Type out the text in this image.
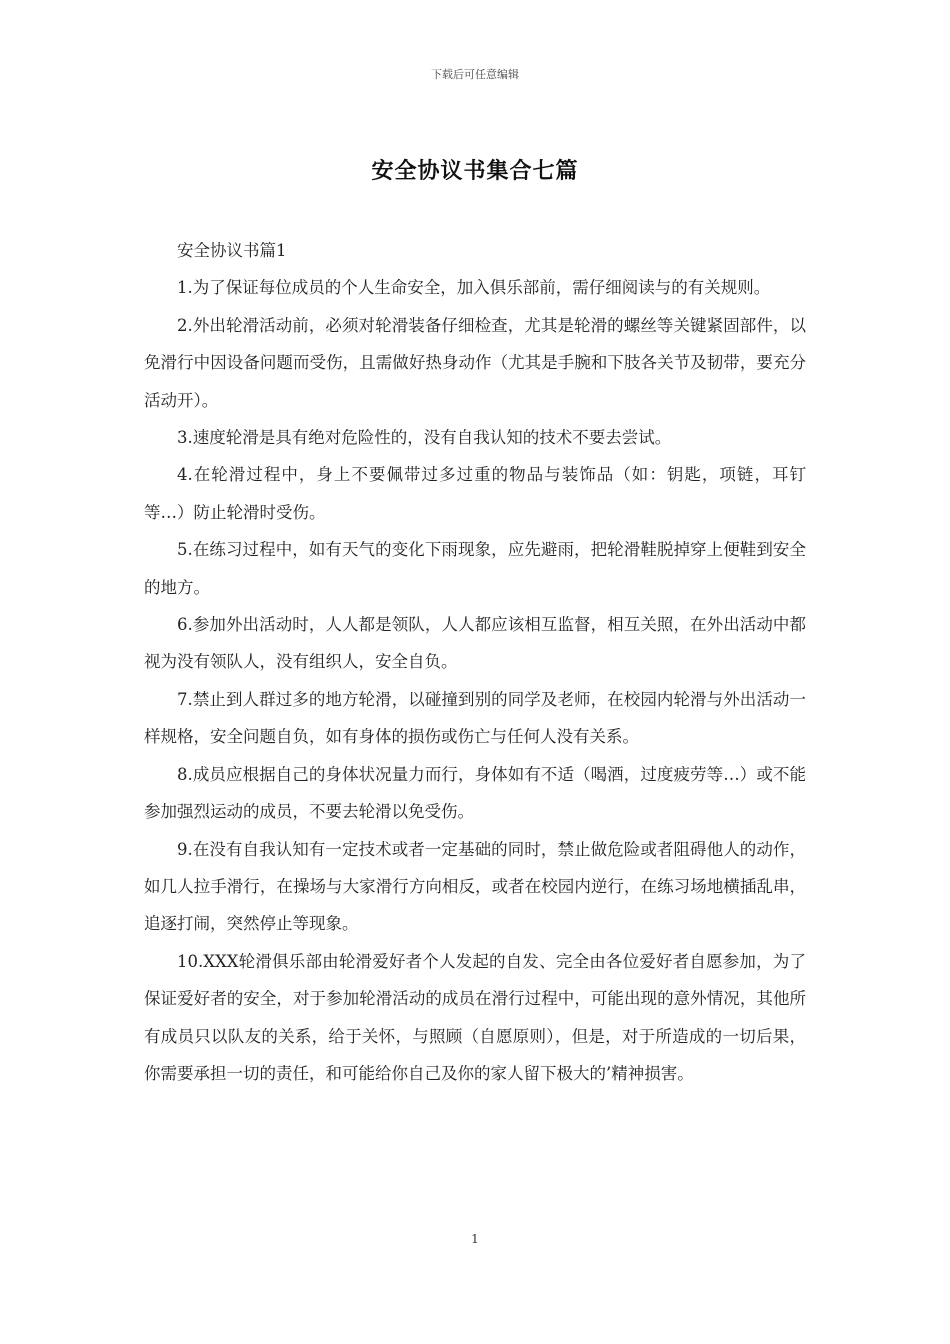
下载后可任意编辑
安全协议书集合七篇

安全协议书篇1

1.为了保证每位成员的个人生命安全，加入俱乐部前，需仔细阅读与的有关规则。

2.外出轮滑活动前，必须对轮滑装备仔细检查，尤其是轮滑的螺丝等关键紧固部件，以免滑行中因设备问题而受伤，且需做好热身动作（尤其是手腕和下肢各关节及韧带，要充分活动开）。

3.速度轮滑是具有绝对危险性的，没有自我认知的技术不要去尝试。

4.在轮滑过程中，身上不要佩带过多过重的物品与装饰品（如：钥匙，项链，耳钉等…）防止轮滑时受伤。

5.在练习过程中，如有天气的变化下雨现象，应先避雨，把轮滑鞋脱掉穿上便鞋到安全的地方。

6.参加外出活动时，人人都是领队，人人都应该相互监督，相互关照，在外出活动中都视为没有领队人，没有组织人，安全自负。

7.禁止到人群过多的地方轮滑，以碰撞到别的同学及老师，在校园内轮滑与外出活动一样规格，安全问题自负，如有身体的损伤或伤亡与任何人没有关系。

8.成员应根据自己的身体状况量力而行，身体如有不适（喝酒，过度疲劳等…）或不能参加强烈运动的成员，不要去轮滑以免受伤。

9.在没有自我认知有一定技术或者一定基础的同时，禁止做危险或者阻碍他人的动作，如几人拉手滑行，在操场与大家滑行方向相反，或者在校园内逆行，在练习场地横插乱串，追逐打闹，突然停止等现象。

10.XXX轮滑俱乐部由轮滑爱好者个人发起的自发、完全由各位爱好者自愿参加，为了保证爱好者的安全，对于参加轮滑活动的成员在滑行过程中，可能出现的意外情况，其他所有成员只以队友的关系，给于关怀，与照顾（自愿原则），但是，对于所造成的一切后果，你需要承担一切的责任，和可能给你自己及你的家人留下极大的’精神损害。

1
